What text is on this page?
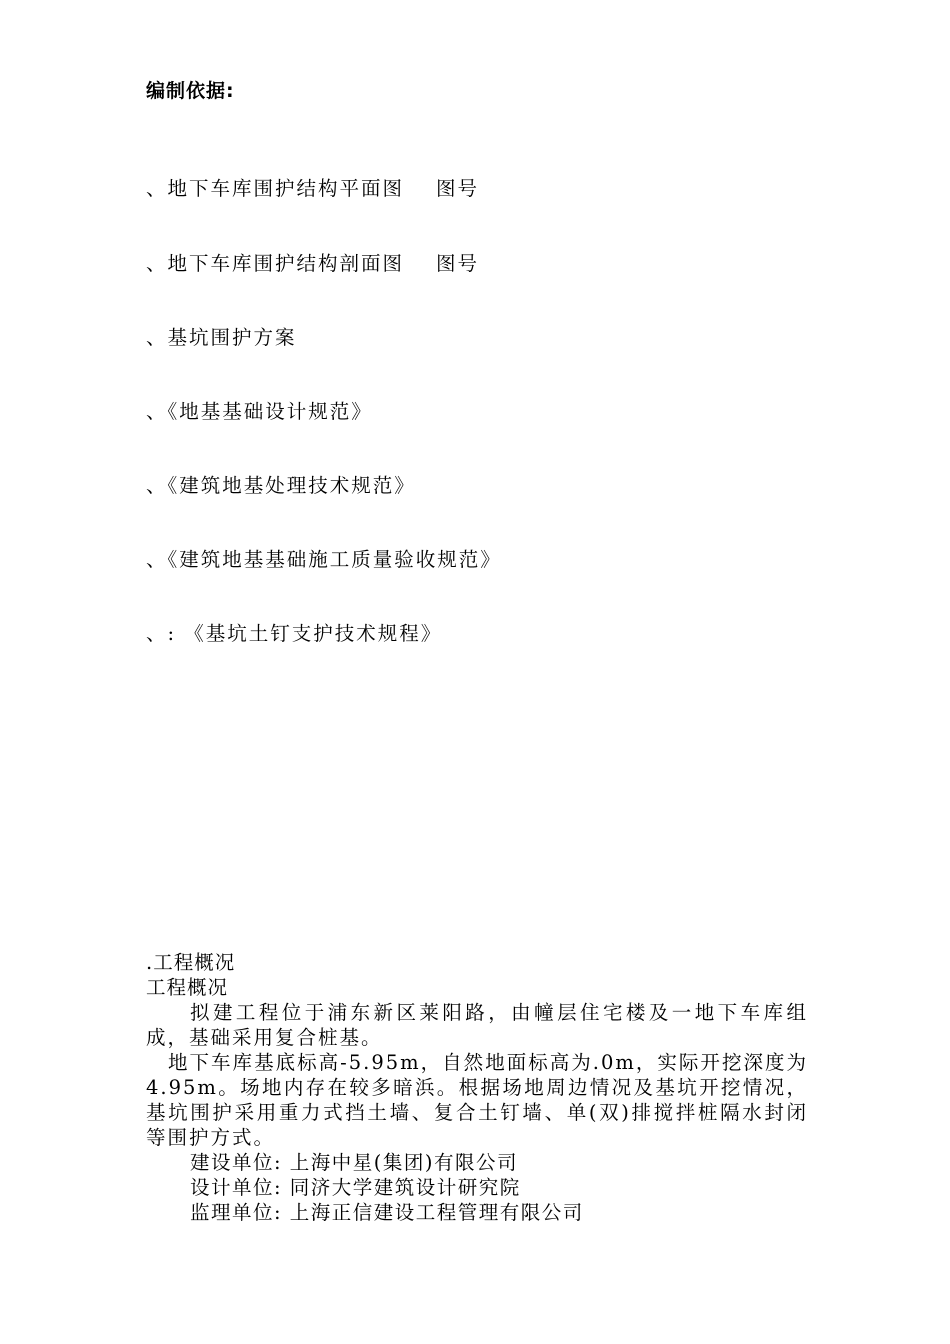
编制依据:

、地下车库围护结构平面图 图号

、地下车库围护结构剖面图 图号

、基坑围护方案

、《地基基础设计规范》

、《建筑地基处理技术规范》

、《建筑地基基础施工质量验收规范》

、: 《基坑土钉支护技术规程》

.工程概况

工程概况

拟建工程位于浦东新区莱阳路，由幢层住宅楼及一地下车库组成，基础采用复合桩基。

地下车库基底标高-5.95m，自然地面标高为.0m，实际开挖深度为4.95m。场地内存在较多暗浜。根据场地周边情况及基坑开挖情况，基坑围护采用重力式挡土墙、复合土钉墙、单(双)排搅拌桩隔水封闭等围护方式。

建设单位: 上海中星(集团)有限公司

设计单位: 同济大学建筑设计研究院

监理单位: 上海正信建设工程管理有限公司
